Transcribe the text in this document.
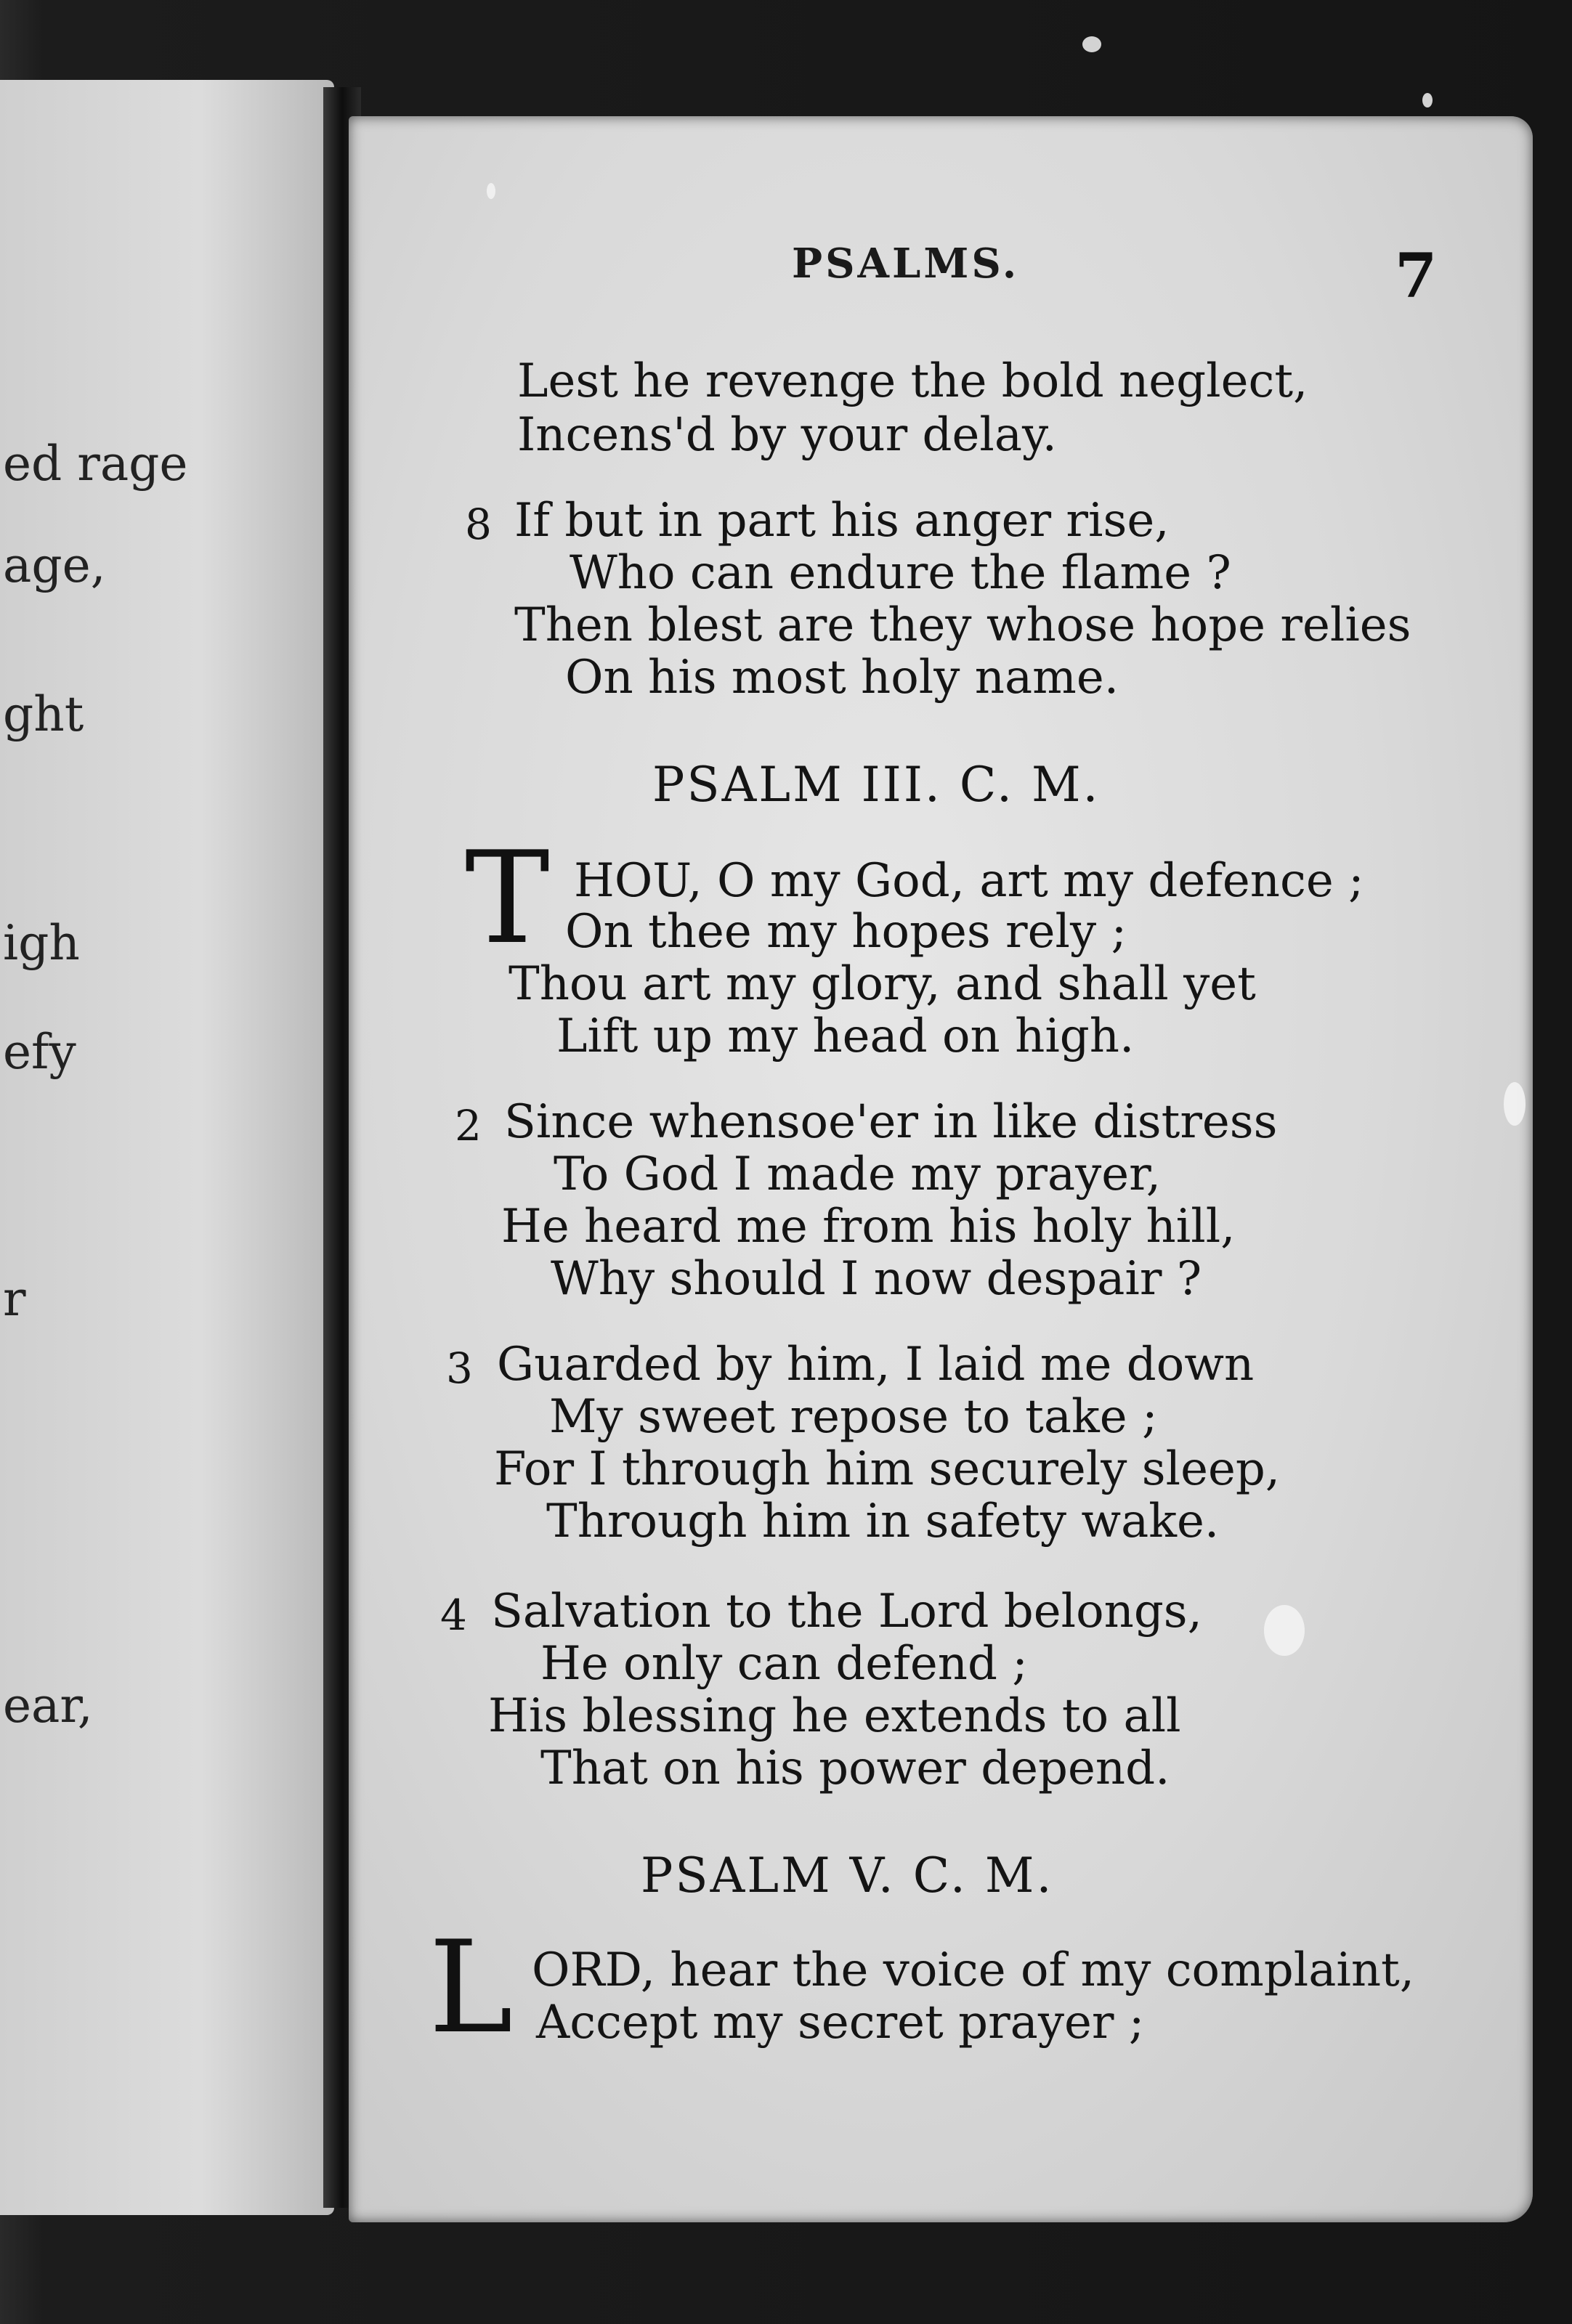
ed rage
age,
ght
igh
efy
r
ear,
PSALMS.	7
Lest he revenge the bold neglect,
Incens'd by your delay.
8 If but in part his anger rise,
Who can endure the flame ?
Then blest are they whose hope relies
On his most holy name.
PSALM III. C. M.
T HOU, O my God, art my defence ;
On thee my hopes rely ;
Thou art my glory, and shall yet
Lift up my head on high.
2 Since whensoe'er in like distress
To God I made my prayer,
He heard me from his holy hill,
Why should I now despair ?
3 Guarded by him, I laid me down
My sweet repose to take ;
For I through him securely sleep,
Through him in safety wake.
4 Salvation to the Lord belongs,
He only can defend ;
His blessing he extends to all
That on his power depend.
PSALM V. C. M.
L ORD, hear the voice of my complaint,
Accept my secret prayer ;
